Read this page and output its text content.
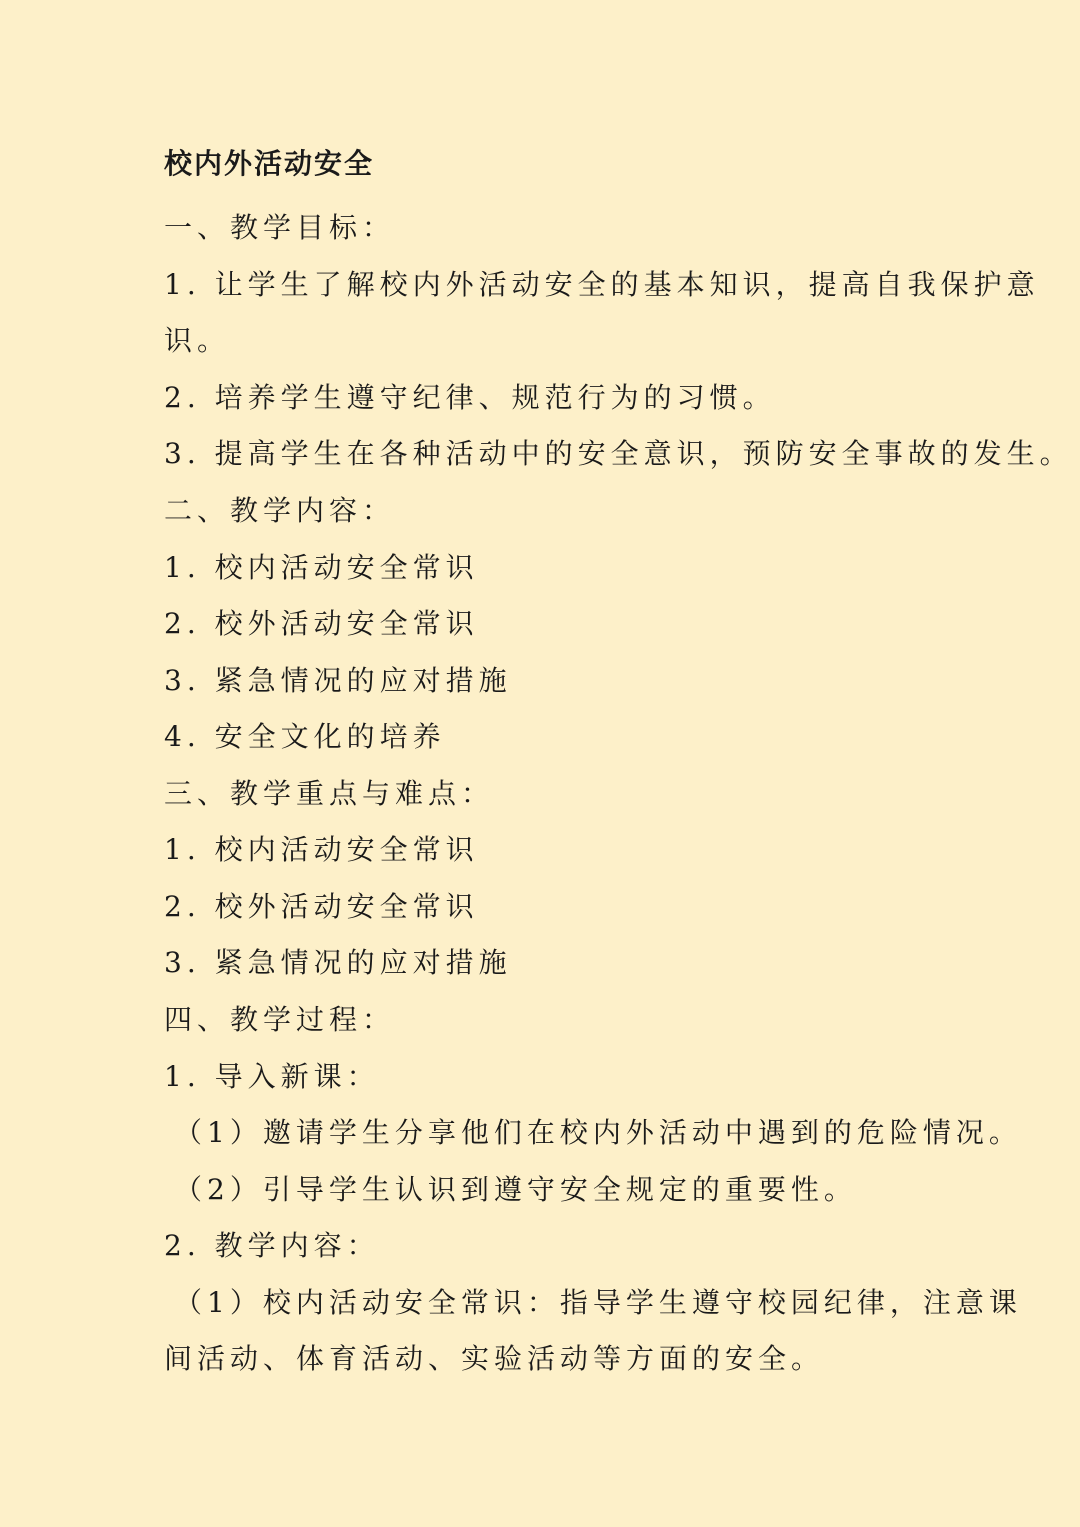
校内外活动安全
一、教学目标：
1. 让学生了解校内外活动安全的基本知识，提高自我保护意
识。
2. 培养学生遵守纪律、规范行为的习惯。
3. 提高学生在各种活动中的安全意识，预防安全事故的发生。
二、教学内容：
1. 校内活动安全常识
2. 校外活动安全常识
3. 紧急情况的应对措施
4. 安全文化的培养
三、教学重点与难点：
1. 校内活动安全常识
2. 校外活动安全常识
3. 紧急情况的应对措施
四、教学过程：
1. 导入新课：
（1）邀请学生分享他们在校内外活动中遇到的危险情况。
（2）引导学生认识到遵守安全规定的重要性。
2. 教学内容：
（1）校内活动安全常识：指导学生遵守校园纪律，注意课
间活动、体育活动、实验活动等方面的安全。
